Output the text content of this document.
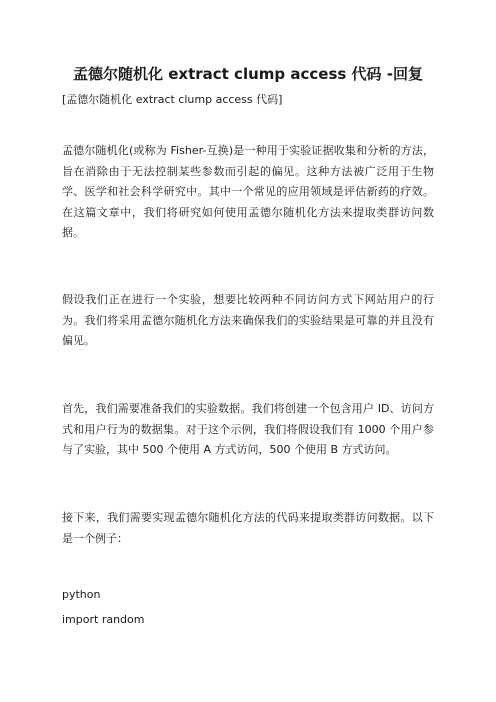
孟德尔随机化 extract clump access 代码 -回复
[孟德尔随机化 extract clump access 代码]

孟德尔随机化(或称为 Fisher-互换)是一种用于实验证据收集和分析的方法，旨在消除由于无法控制某些参数而引起的偏见。这种方法被广泛用于生物学、医学和社会科学研究中。其中一个常见的应用领域是评估新药的疗效。在这篇文章中，我们将研究如何使用孟德尔随机化方法来提取类群访问数据。

假设我们正在进行一个实验，想要比较两种不同访问方式下网站用户的行为。我们将采用孟德尔随机化方法来确保我们的实验结果是可靠的并且没有偏见。

首先，我们需要准备我们的实验数据。我们将创建一个包含用户 ID、访问方式和用户行为的数据集。对于这个示例，我们将假设我们有 1000 个用户参与了实验，其中 500 个使用 A 方式访问，500 个使用 B 方式访问。

接下来，我们需要实现孟德尔随机化方法的代码来提取类群访问数据。以下是一个例子：

python
import random
